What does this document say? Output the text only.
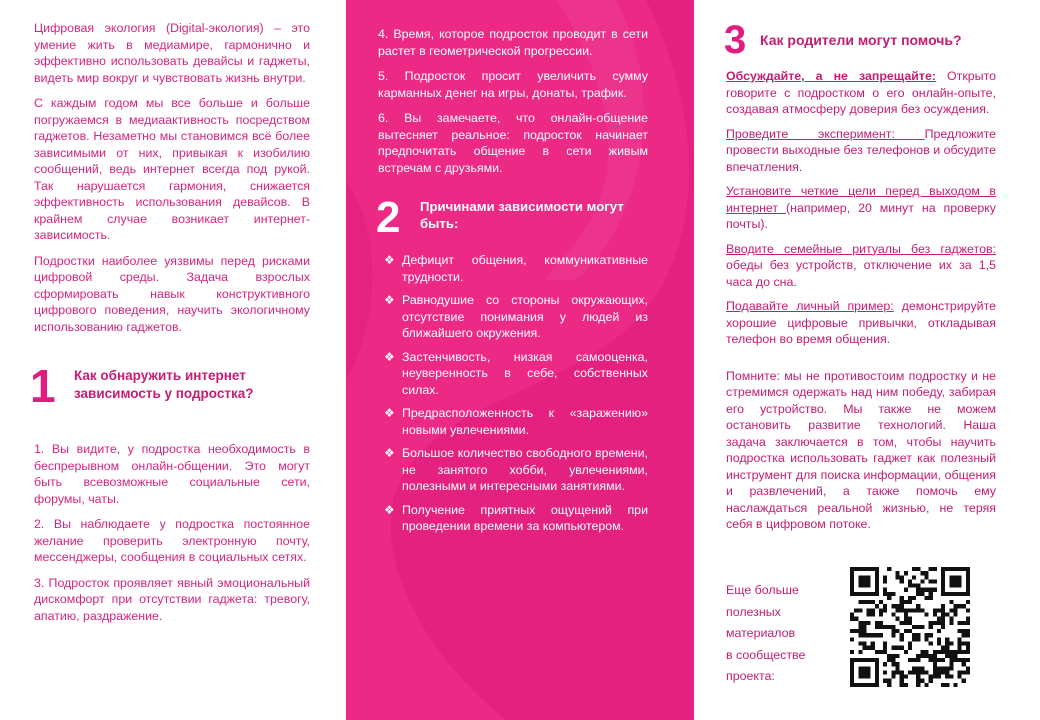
Цифровая экология (Digital-экология) – это умение жить в медиамире, гармонично и эффективно использовать девайсы и гаджеты, видеть мир вокруг и чувствовать жизнь внутри.

С каждым годом мы все больше и больше погружаемся в медиаактивность посредством гаджетов. Незаметно мы становимся всё более зависимыми от них, привыкая к изобилию сообщений, ведь интернет всегда под рукой. Так нарушается гармония, снижается эффективность использования девайсов. В крайнем случае возникает интернет-зависимость.

Подростки наиболее уязвимы перед рисками цифровой среды. Задача взрослых сформировать навык конструктивного цифрового поведения, научить экологичному использованию гаджетов.

1 Как обнаружить интернет зависимость у подростка?

1. Вы видите, у подростка необходимость в беспрерывном онлайн-общении. Это могут быть всевозможные социальные сети, форумы, чаты.

2. Вы наблюдаете у подростка постоянное желание проверить электронную почту, мессенджеры, сообщения в социальных сетях.

3. Подросток проявляет явный эмоциональный дискомфорт при отсутствии гаджета: тревогу, апатию, раздражение.

4. Время, которое подросток проводит в сети растет в геометрической прогрессии.

5. Подросток просит увеличить сумму карманных денег на игры, донаты, трафик.

6. Вы замечаете, что онлайн-общение вытесняет реальное: подросток начинает предпочитать общение в сети живым встречам с друзьями.

2 Причинами зависимости могут быть:
❖ Дефицит общения, коммуникативные трудности.
❖ Равнодушие со стороны окружающих, отсутствие понимания у людей из ближайшего окружения.
❖ Застенчивость, низкая самооценка, неуверенность в себе, собственных силах.
❖ Предрасположенность к «заражению» новыми увлечениями.
❖ Большое количество свободного времени, не занятого хобби, увлечениями, полезными и интересными занятиями.
❖ Получение приятных ощущений при проведении времени за компьютером.
3 Как родители могут помочь?

Обсуждайте, а не запрещайте: Открыто говорите с подростком о его онлайн-опыте, создавая атмосферу доверия без осуждения.

Проведите эксперимент: Предложите провести выходные без телефонов и обсудите впечатления.

Установите четкие цели перед выходом в интернет (например, 20 минут на проверку почты).

Вводите семейные ритуалы без гаджетов: обеды без устройств, отключение их за 1,5 часа до сна.

Подавайте личный пример: демонстрируйте хорошие цифровые привычки, откладывая телефон во время общения.

Помните: мы не противостоим подростку и не стремимся одержать над ним победу, забирая его устройство. Мы также не можем остановить развитие технологий. Наша задача заключается в том, чтобы научить подростка использовать гаджет как полезный инструмент для поиска информации, общения и развлечений, а также помочь ему наслаждаться реальной жизнью, не теряя себя в цифровом потоке.

Еще больше
полезных
материалов
в сообществе
проекта:
